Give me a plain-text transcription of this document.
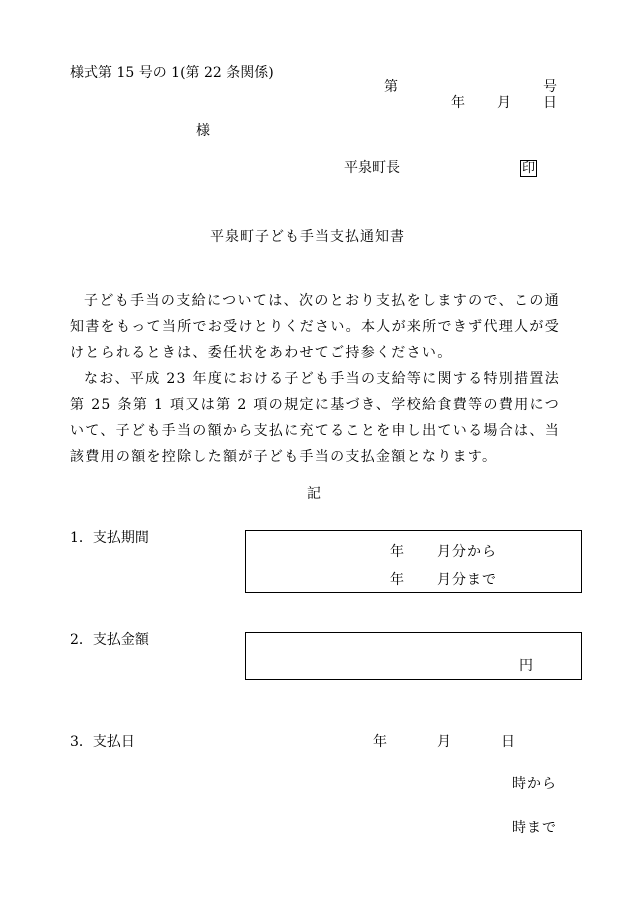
様式第 15 号の 1(第 22 条関係)
第	号
年 月 日
様
平泉町長	印
平泉町子ども手当支払通知書

子ども手当の支給については、次のとおり支払をしますので、この通知書をもって当所でお受けとりください。本人が来所できず代理人が受けとられるときは、委任状をあわせてご持参ください。

なお、平成 23 年度における子ども手当の支給等に関する特別措置法第 25 条第 1 項又は第 2 項の規定に基づき、学校給食費等の費用について、子ども手当の額から支払に充てることを申し出ている場合は、当該費用の額を控除した額が子ども手当の支払金額となります。

記
1．支払期間
年 月分から
年 月分まで
2．支払金額
円
3．支払日	年	月	日
時から
時まで
